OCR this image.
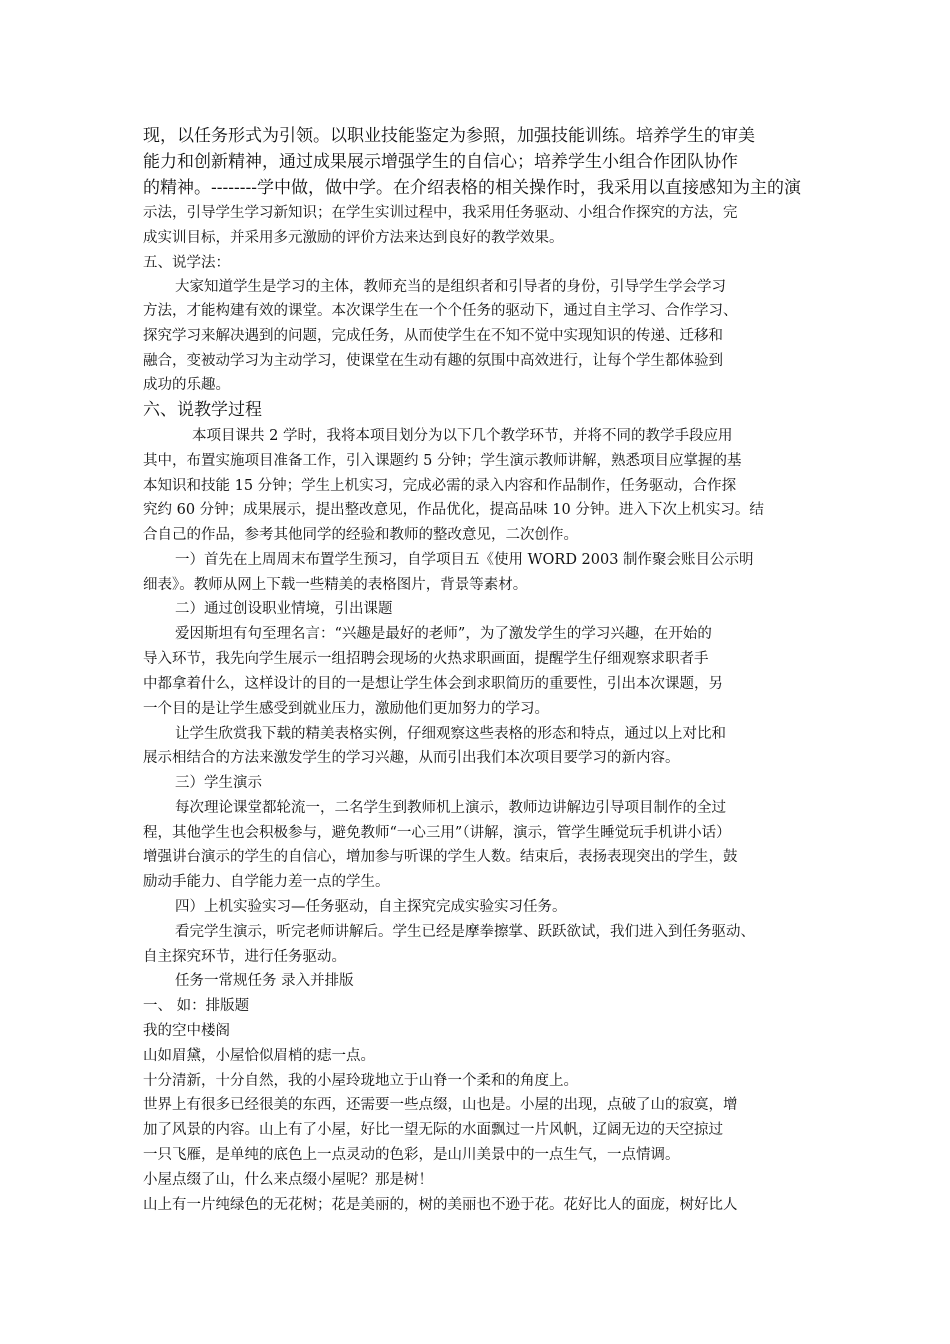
现，以任务形式为引领。以职业技能鉴定为参照，加强技能训练。培养学生的审美
能力和创新精神，通过成果展示增强学生的自信心；培养学生小组合作团队协作
的精神。--------学中做，做中学。在介绍表格的相关操作时，我采用以直接感知为主的演
示法，引导学生学习新知识；在学生实训过程中，我采用任务驱动、小组合作探究的方法，完
成实训目标，并采用多元激励的评价方法来达到良好的教学效果。
五、说学法：
大家知道学生是学习的主体，教师充当的是组织者和引导者的身份，引导学生学会学习
方法，才能构建有效的课堂。本次课学生在一个个任务的驱动下，通过自主学习、合作学习、
探究学习来解决遇到的问题，完成任务，从而使学生在不知不觉中实现知识的传递、迁移和
融合，变被动学习为主动学习，使课堂在生动有趣的氛围中高效进行，让每个学生都体验到
成功的乐趣。
六、说教学过程
本项目课共 2 学时，我将本项目划分为以下几个教学环节，并将不同的教学手段应用
其中，布置实施项目准备工作，引入课题约 5 分钟；学生演示教师讲解，熟悉项目应掌握的基
本知识和技能 15 分钟；学生上机实习，完成必需的录入内容和作品制作，任务驱动，合作探
究约 60 分钟；成果展示，提出整改意见，作品优化，提高品味 10 分钟。进入下次上机实习。结
合自己的作品，参考其他同学的经验和教师的整改意见，二次创作。
一）首先在上周周末布置学生预习，自学项目五《使用 WORD 2003 制作聚会账目公示明
细表》。教师从网上下载一些精美的表格图片，背景等素材。
二）通过创设职业情境，引出课题
爱因斯坦有句至理名言：“兴趣是最好的老师”，为了激发学生的学习兴趣，在开始的
导入环节，我先向学生展示一组招聘会现场的火热求职画面，提醒学生仔细观察求职者手
中都拿着什么，这样设计的目的一是想让学生体会到求职简历的重要性，引出本次课题，另
一个目的是让学生感受到就业压力，激励他们更加努力的学习。
让学生欣赏我下载的精美表格实例，仔细观察这些表格的形态和特点，通过以上对比和
展示相结合的方法来激发学生的学习兴趣，从而引出我们本次项目要学习的新内容。
三）学生演示
每次理论课堂都轮流一，二名学生到教师机上演示，教师边讲解边引导项目制作的全过
程，其他学生也会积极参与，避免教师“一心三用”（讲解，演示，管学生睡觉玩手机讲小话）
增强讲台演示的学生的自信心，增加参与听课的学生人数。结束后，表扬表现突出的学生，鼓
励动手能力、自学能力差一点的学生。
四）上机实验实习—任务驱动，自主探究完成实验实习任务。
看完学生演示，听完老师讲解后。学生已经是摩拳擦掌、跃跃欲试，我们进入到任务驱动、
自主探究环节，进行任务驱动。
任务一常规任务 录入并排版
一、 如：排版题
我的空中楼阁
山如眉黛，小屋恰似眉梢的痣一点。
十分清新，十分自然，我的小屋玲珑地立于山脊一个柔和的角度上。
世界上有很多已经很美的东西，还需要一些点缀，山也是。小屋的出现，点破了山的寂寞，增
加了风景的内容。山上有了小屋，好比一望无际的水面飘过一片风帆，辽阔无边的天空掠过
一只飞雁，是单纯的底色上一点灵动的色彩，是山川美景中的一点生气，一点情调。
小屋点缀了山，什么来点缀小屋呢？那是树！
山上有一片纯绿色的无花树；花是美丽的，树的美丽也不逊于花。花好比人的面庞，树好比人
